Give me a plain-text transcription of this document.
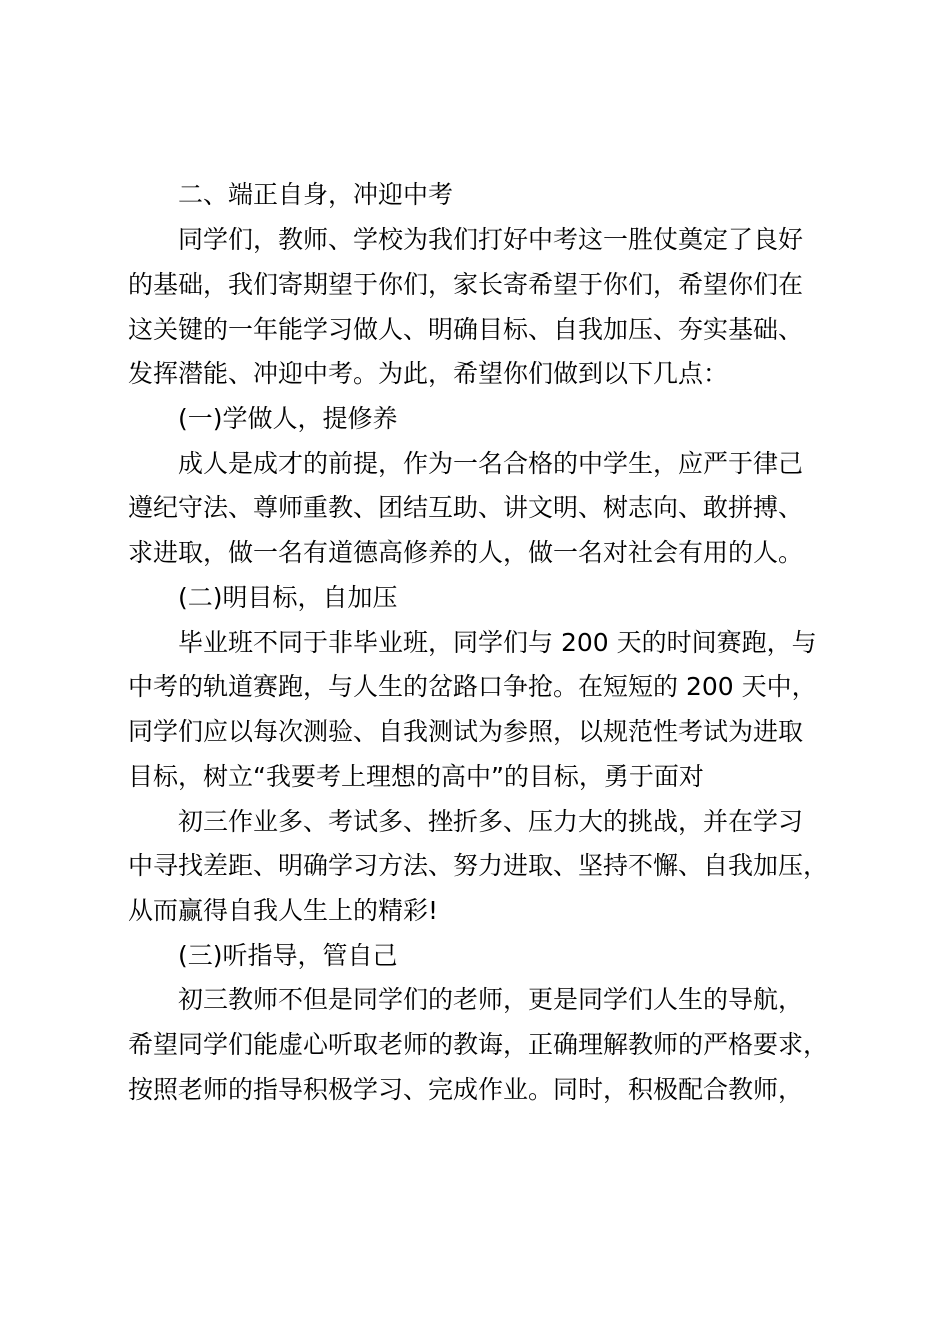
二、端正自身，冲迎中考
同学们，教师、学校为我们打好中考这一胜仗奠定了良好
的基础，我们寄期望于你们，家长寄希望于你们，希望你们在
这关键的一年能学习做人、明确目标、自我加压、夯实基础、
发挥潜能、冲迎中考。为此，希望你们做到以下几点：
(一)学做人，提修养
成人是成才的前提，作为一名合格的中学生，应严于律己
遵纪守法、尊师重教、团结互助、讲文明、树志向、敢拼搏、
求进取，做一名有道德高修养的人，做一名对社会有用的人。
(二)明目标，自加压
毕业班不同于非毕业班，同学们与 200 天的时间赛跑，与
中考的轨道赛跑，与人生的岔路口争抢。在短短的 200 天中，
同学们应以每次测验、自我测试为参照，以规范性考试为进取
目标，树立“我要考上理想的高中”的目标，勇于面对
初三作业多、考试多、挫折多、压力大的挑战，并在学习
中寻找差距、明确学习方法、努力进取、坚持不懈、自我加压，
从而赢得自我人生上的精彩!
(三)听指导，管自己
初三教师不但是同学们的老师，更是同学们人生的导航，
希望同学们能虚心听取老师的教诲，正确理解教师的严格要求，
按照老师的指导积极学习、完成作业。同时，积极配合教师，
